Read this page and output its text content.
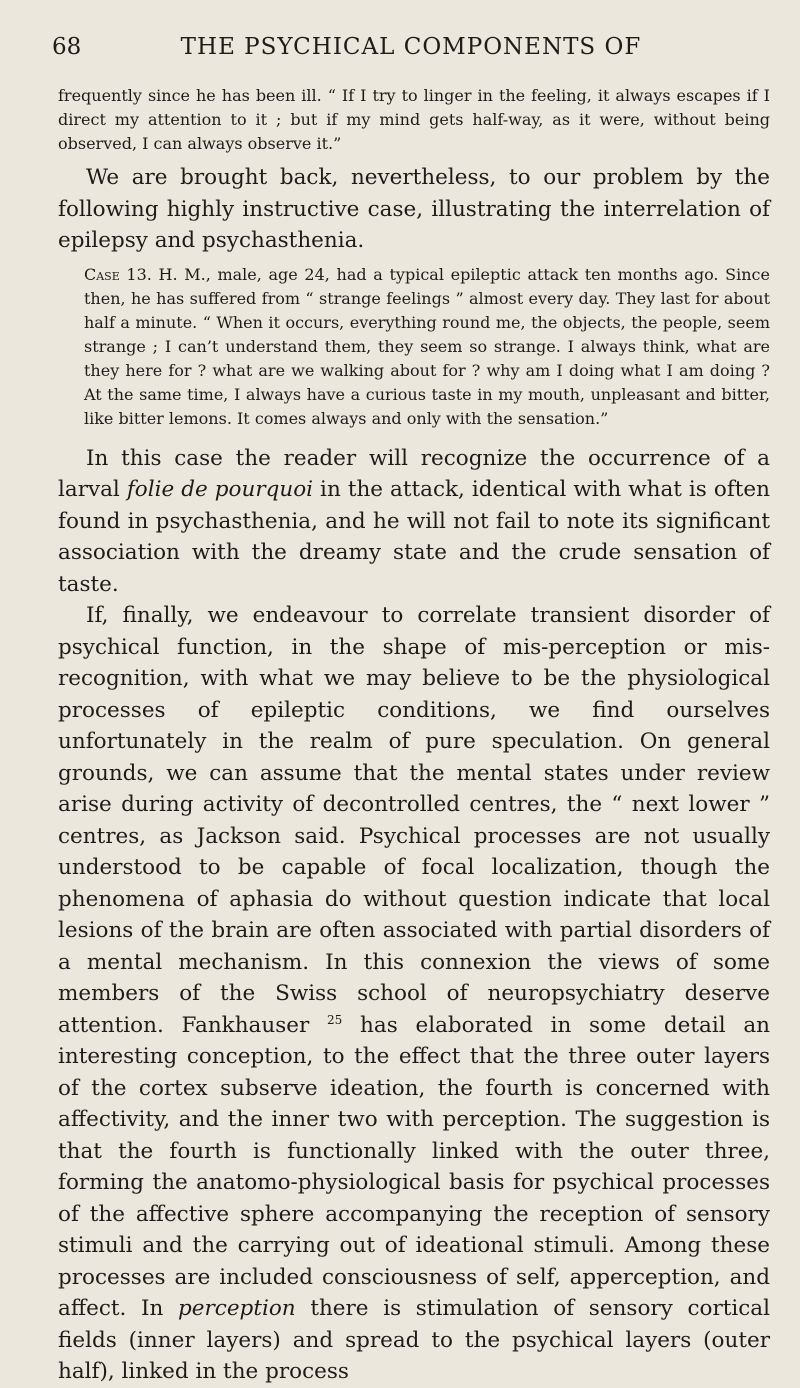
68	THE PSYCHICAL COMPONENTS OF

frequently since he has been ill. “ If I try to linger in the feeling, it always escapes if I direct my attention to it ; but if my mind gets half-way, as it were, without being observed, I can always observe it.”

We are brought back, nevertheless, to our problem by the following highly instructive case, illustrating the interrelation of epilepsy and psychasthenia.

Case 13. H. M., male, age 24, had a typical epileptic attack ten months ago. Since then, he has suffered from “ strange feelings ” almost every day. They last for about half a minute. “ When it occurs, everything round me, the objects, the people, seem strange ; I can’t understand them, they seem so strange. I always think, what are they here for ? what are we walking about for ? why am I doing what I am doing ? At the same time, I always have a curious taste in my mouth, unpleasant and bitter, like bitter lemons. It comes always and only with the sensation.”

In this case the reader will recognize the occurrence of a larval folie de pourquoi in the attack, identical with what is often found in psychasthenia, and he will not fail to note its significant association with the dreamy state and the crude sensation of taste.

If, finally, we endeavour to correlate transient disorder of psychical function, in the shape of mis-perception or mis-recognition, with what we may believe to be the physiological processes of epileptic conditions, we find ourselves unfortunately in the realm of pure speculation. On general grounds, we can assume that the mental states under review arise during activity of decontrolled centres, the “ next lower ” centres, as Jackson said. Psychical processes are not usually understood to be capable of focal localization, though the phenomena of aphasia do without question indicate that local lesions of the brain are often associated with partial disorders of a mental mechanism. In this connexion the views of some members of the Swiss school of neuropsychiatry deserve attention. Fankhauser $^{25}$ has elaborated in some detail an interesting conception, to the effect that the three outer layers of the cortex subserve ideation, the fourth is concerned with affectivity, and the inner two with perception. The suggestion is that the fourth is functionally linked with the outer three, forming the anatomo-physiological basis for psychical processes of the affective sphere accompanying the reception of sensory stimuli and the carrying out of ideational stimuli. Among these processes are included consciousness of self, apperception, and affect. In perception there is stimulation of sensory cortical fields (inner layers) and spread to the psychical layers (outer half), linked in the process
